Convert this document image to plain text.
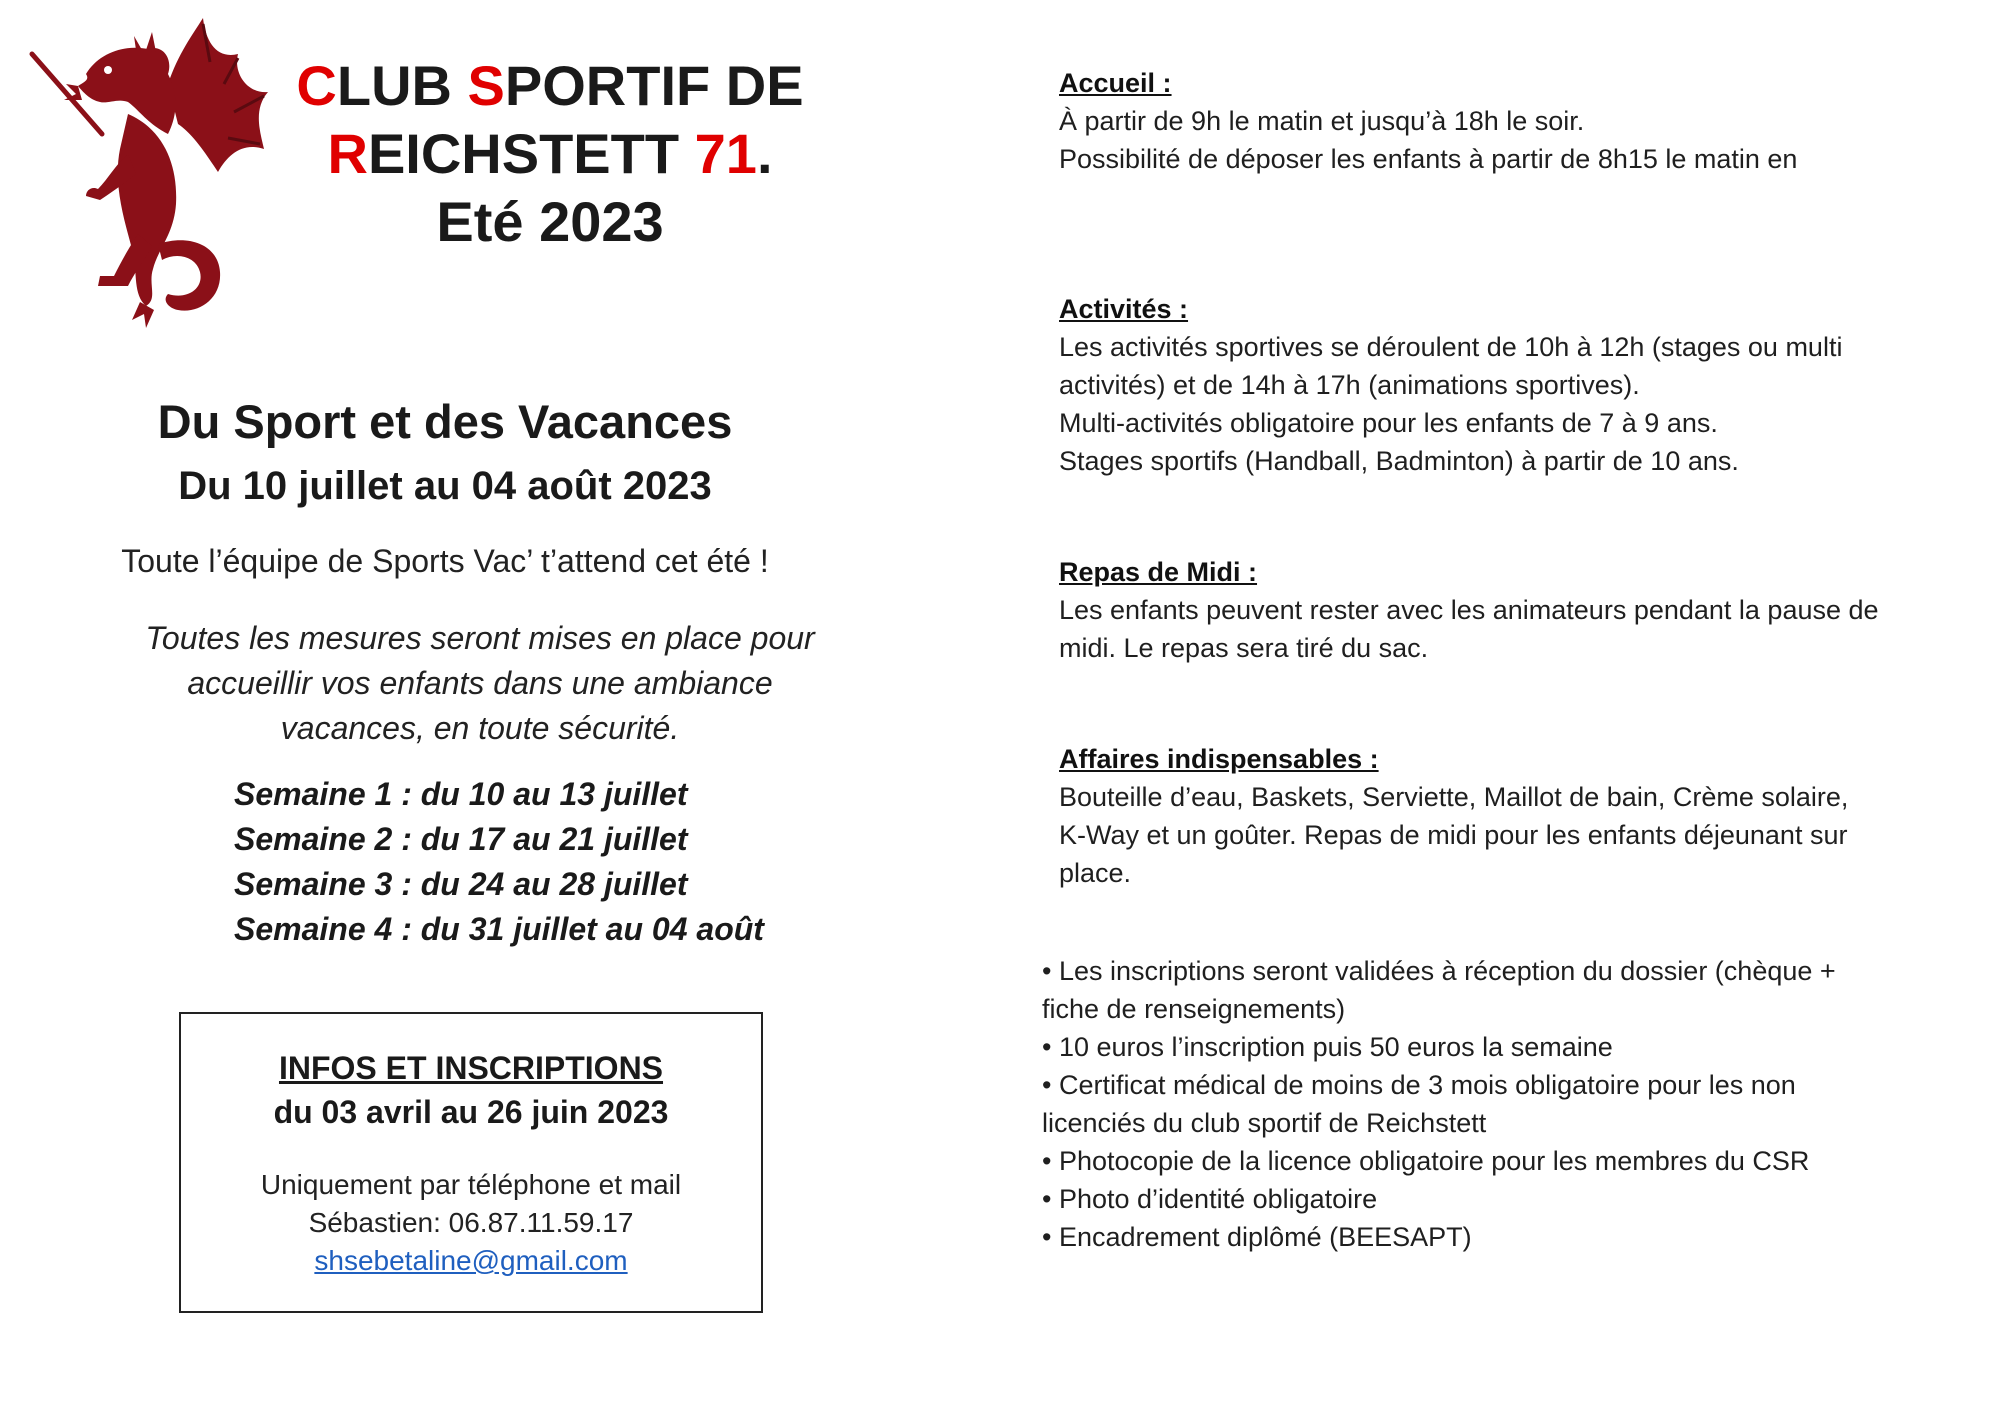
CLUB SPORTIF DE
REICHSTETT 71.
Eté 2023
Du Sport et des Vacances
Du 10 juillet au 04 août 2023
Toute l’équipe de Sports Vac’ t’attend cet été !
Toutes les mesures seront mises en place pour
accueillir vos enfants dans une ambiance
vacances, en toute sécurité.
Semaine 1 : du 10 au 13 juillet
Semaine 2 : du 17 au 21 juillet
Semaine 3 : du 24 au 28 juillet
Semaine 4 : du 31 juillet au 04 août
INFOS ET INSCRIPTIONS
du 03 avril au 26 juin 2023
Uniquement par téléphone et mail
Sébastien: 06.87.11.59.17
shsebetaline@gmail.com
Accueil :
À partir de 9h le matin et jusqu’à 18h le soir.
Possibilité de déposer les enfants à partir de 8h15 le matin en
Activités :
Les activités sportives se déroulent de 10h à 12h (stages ou multi
activités) et de 14h à 17h (animations sportives).
Multi-activités obligatoire pour les enfants de 7 à 9 ans.
Stages sportifs (Handball, Badminton) à partir de 10 ans.
Repas de Midi :
Les enfants peuvent rester avec les animateurs pendant la pause de
midi. Le repas sera tiré du sac.
Affaires indispensables :
Bouteille d’eau, Baskets, Serviette, Maillot de bain, Crème solaire,
K-Way et un goûter. Repas de midi pour les enfants déjeunant sur
place.
• Les inscriptions seront validées à réception du dossier (chèque +
fiche de renseignements)
• 10 euros l’inscription puis 50 euros la semaine
• Certificat médical de moins de 3 mois obligatoire pour les non
licenciés du club sportif de Reichstett
• Photocopie de la licence obligatoire pour les membres du CSR
• Photo d’identité obligatoire
• Encadrement diplômé (BEESAPT)
